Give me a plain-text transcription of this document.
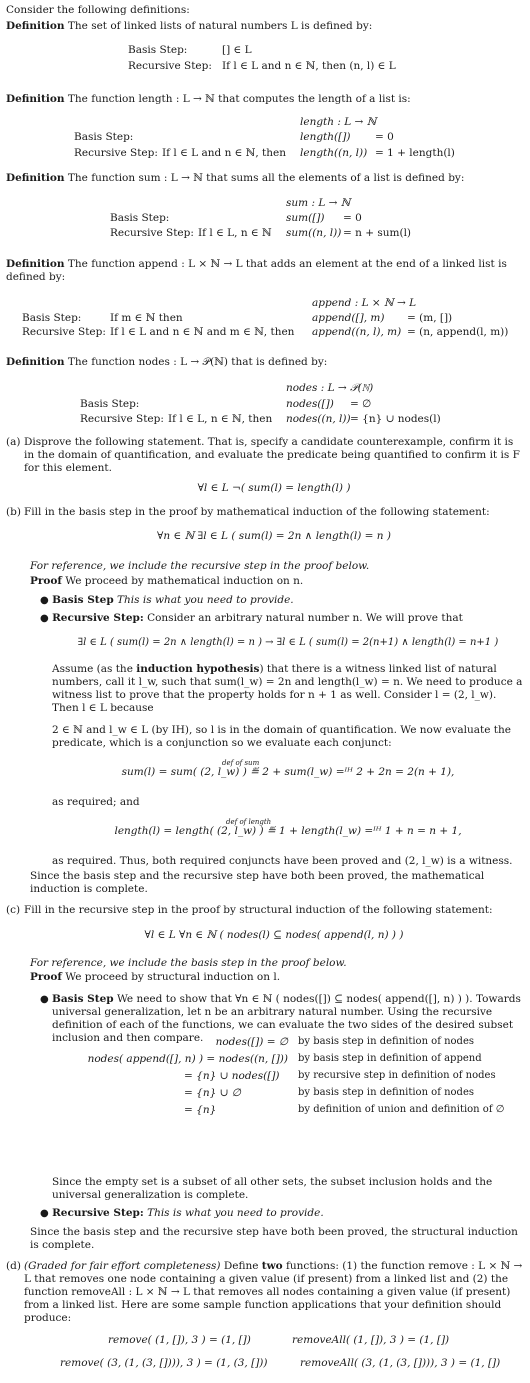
Consider the following definitions:
Definition The set of linked lists of natural numbers L is defined by:
Basis Step:	[] ∈ L
Recursive Step: If l ∈ L and n ∈ ℕ, then (n, l) ∈ L
Definition The function length : L → ℕ that computes the length of a list is:
length : L → ℕ
Basis Step:	length([]) = 0
Recursive Step: If l ∈ L and n ∈ ℕ, then length((n, l)) = 1 + length(l)
Definition The function sum : L → ℕ that sums all the elements of a list is defined by:
sum : L → ℕ
Basis Step:	sum([]) = 0
Recursive Step: If l ∈ L, n ∈ ℕ sum((n, l)) = n + sum(l)
Definition The function append : L × ℕ → L that adds an element at the end of a linked list is defined by:
append : L × ℕ → L
Basis Step:	If m ∈ ℕ then	append([], m) = (m, [])
Recursive Step: If l ∈ L and n ∈ ℕ and m ∈ ℕ, then append((n, l), m) = (n, append(l, m))
Definition The function nodes : L → 𝒫(ℕ) that is defined by:
nodes : L → 𝒫(ℕ)
Basis Step:	nodes([]) = ∅
Recursive Step: If l ∈ L, n ∈ ℕ, then nodes((n, l)) = {n} ∪ nodes(l)
(a) Disprove the following statement. That is, specify a candidate counterexample, confirm it is in the domain of quantification, and evaluate the predicate being quantified to confirm it is F for this element.
∀l ∈ L ¬( sum(l) = length(l) )
(b) Fill in the basis step in the proof by mathematical induction of the following statement:
∀n ∈ ℕ ∃l ∈ L ( sum(l) = 2n ∧ length(l) = n )
For reference, we include the recursive step in the proof below.
Proof We proceed by mathematical induction on n.
● Basis Step This is what you need to provide.
● Recursive Step: Consider an arbitrary natural number n. We will prove that
∃l ∈ L ( sum(l) = 2n ∧ length(l) = n ) → ∃l ∈ L ( sum(l) = 2(n+1) ∧ length(l) = n+1 )
Assume (as the induction hypothesis) that there is a witness linked list of natural numbers, call it l_w, such that sum(l_w) = 2n and length(l_w) = n. We need to produce a witness list to prove that the property holds for n + 1 as well. Consider l = (2, l_w). Then l ∈ L because
2 ∈ ℕ and l_w ∈ L (by IH), so l is in the domain of quantification. We now evaluate the predicate, which is a conjunction so we evaluate each conjunct:
def of sum
sum(l) = sum( (2, l_w) ) ≝ 2 + sum(l_w) =ᴵᴴ 2 + 2n = 2(n + 1),
as required; and
def of length
length(l) = length( (2, l_w) ) ≝ 1 + length(l_w) =ᴵᴴ 1 + n = n + 1,
as required. Thus, both required conjuncts have been proved and (2, l_w) is a witness.
Since the basis step and the recursive step have both been proved, the mathematical induction is complete.
(c) Fill in the recursive step in the proof by structural induction of the following statement:
∀l ∈ L ∀n ∈ ℕ ( nodes(l) ⊆ nodes( append(l, n) ) )
For reference, we include the basis step in the proof below.
Proof We proceed by structural induction on l.
● Basis Step We need to show that ∀n ∈ ℕ ( nodes([]) ⊆ nodes( append([], n) ) ). Towards universal generalization, let n be an arbitrary natural number. Using the recursive definition of each of the functions, we can evaluate the two sides of the desired subset inclusion and then compare.	nodes([]) = ∅ by basis step in definition of nodes
nodes( append([], n) ) = nodes((n, [])) by basis step in definition of append
= {n} ∪ nodes([]) by recursive step in definition of nodes
= {n} ∪ ∅	by basis step in definition of nodes
= {n}	by definition of union and definition of ∅
Since the empty set is a subset of all other sets, the subset inclusion holds and the universal generalization is complete.
● Recursive Step: This is what you need to provide.
Since the basis step and the recursive step have both been proved, the structural induction is complete.
(d) (Graded for fair effort completeness) Define two functions: (1) the function remove : L × ℕ → L that removes one node containing a given value (if present) from a linked list and (2) the function removeAll : L × ℕ → L that removes all nodes containing a given value (if present) from a linked list. Here are some sample function applications that your definition should produce:
remove( (1, []), 3 ) = (1, [])	removeAll( (1, []), 3 ) = (1, [])
remove( (3, (1, (3, []))), 3 ) = (1, (3, []))	removeAll( (3, (1, (3, []))), 3 ) = (1, [])
